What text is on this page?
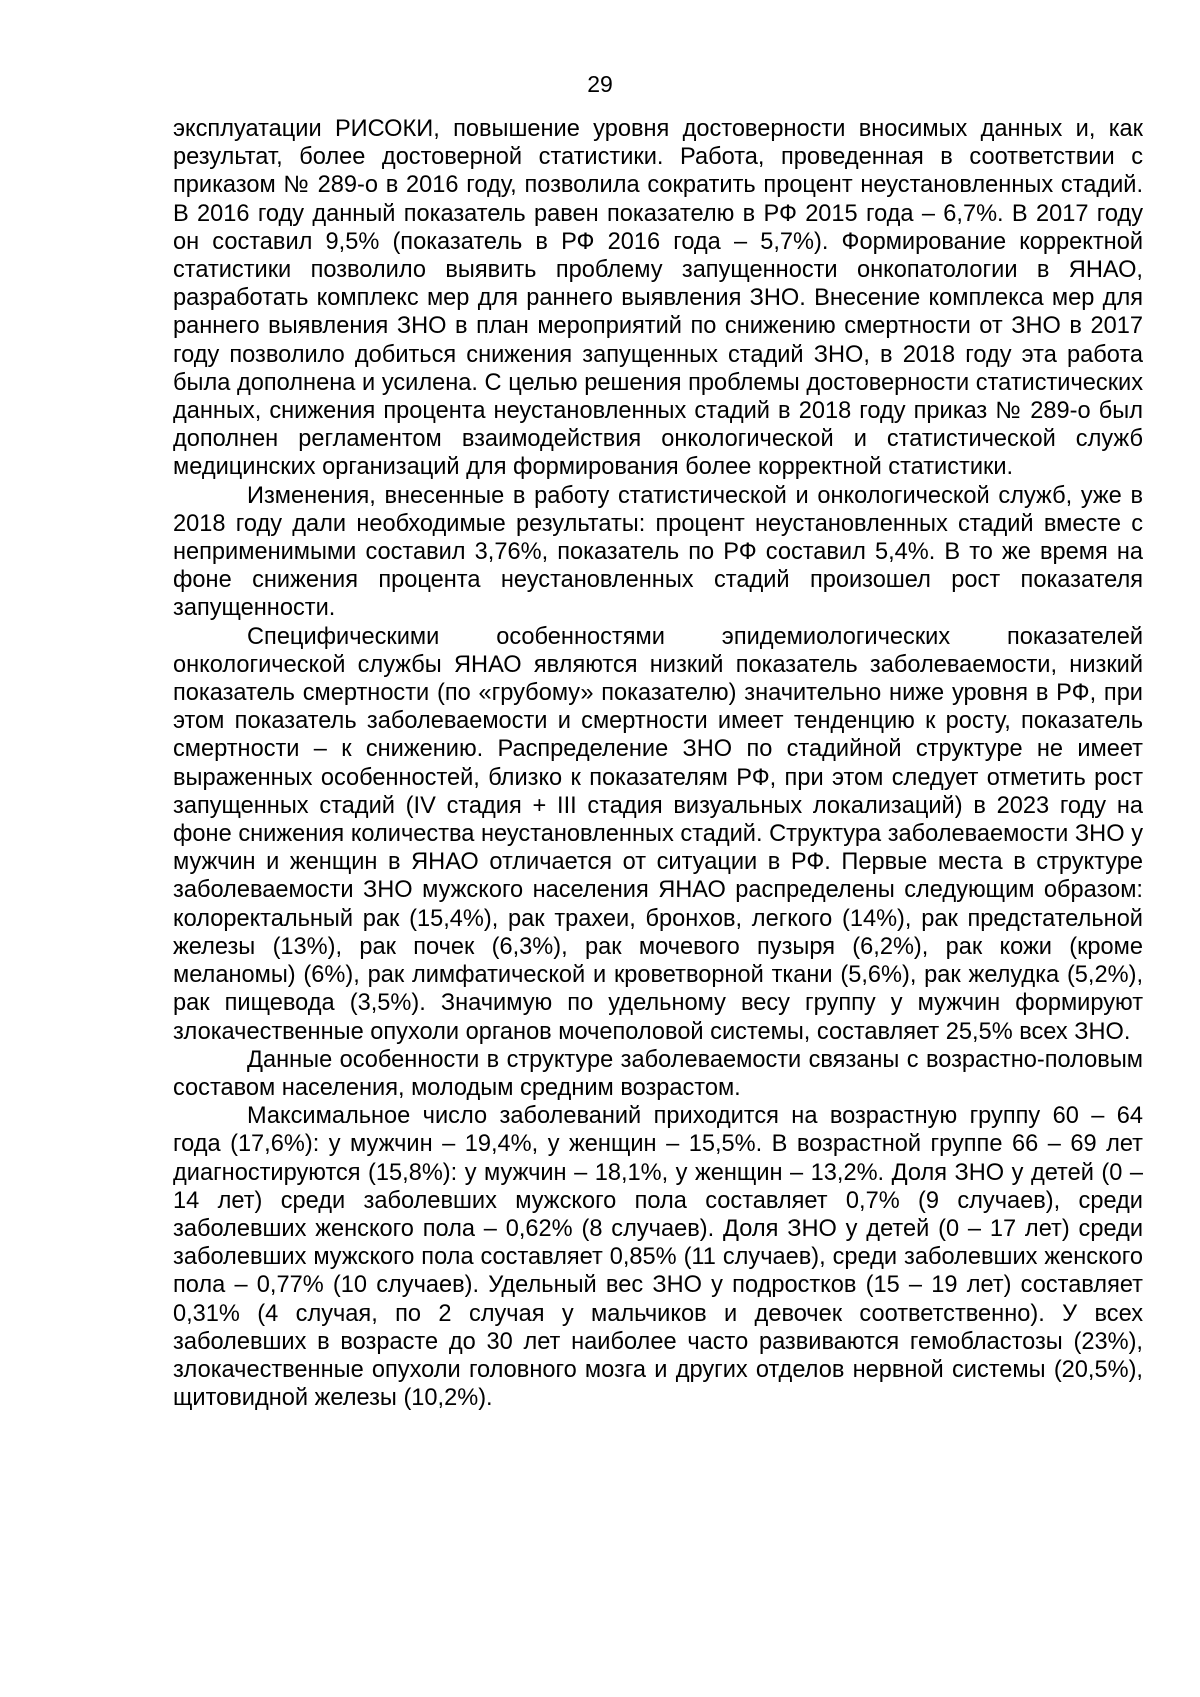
29

эксплуатации РИСОКИ, повышение уровня достоверности вносимых данных и, как результат, более достоверной статистики. Работа, проведенная в соответствии с приказом № 289-о в 2016 году, позволила сократить процент неустановленных стадий. В 2016 году данный показатель равен показателю в РФ 2015 года – 6,7%. В 2017 году он составил 9,5% (показатель в РФ 2016 года – 5,7%). Формирование корректной статистики позволило выявить проблему запущенности онкопатологии в ЯНАО, разработать комплекс мер для раннего выявления ЗНО. Внесение комплекса мер для раннего выявления ЗНО в план мероприятий по снижению смертности от ЗНО в 2017 году позволило добиться снижения запущенных стадий ЗНО, в 2018 году эта работа была дополнена и усилена. С целью решения проблемы достоверности статистических данных, снижения процента неустановленных стадий в 2018 году приказ № 289-о был дополнен регламентом взаимодействия онкологической и статистической служб медицинских организаций для формирования более корректной статистики.

Изменения, внесенные в работу статистической и онкологической служб, уже в 2018 году дали необходимые результаты: процент неустановленных стадий вместе с неприменимыми составил 3,76%, показатель по РФ составил 5,4%. В то же время на фоне снижения процента неустановленных стадий произошел рост показателя запущенности.

Специфическими особенностями эпидемиологических показателей онкологической службы ЯНАО являются низкий показатель заболеваемости, низкий показатель смертности (по «грубому» показателю) значительно ниже уровня в РФ, при этом показатель заболеваемости и смертности имеет тенденцию к росту, показатель смертности – к снижению. Распределение ЗНО по стадийной структуре не имеет выраженных особенностей, близко к показателям РФ, при этом следует отметить рост запущенных стадий (IV стадия + III стадия визуальных локализаций) в 2023 году на фоне снижения количества неустановленных стадий. Структура заболеваемости ЗНО у мужчин и женщин в ЯНАО отличается от ситуации в РФ. Первые места в структуре заболеваемости ЗНО мужского населения ЯНАО распределены следующим образом: колоректальный рак (15,4%), рак трахеи, бронхов, легкого (14%), рак предстательной железы (13%), рак почек (6,3%), рак мочевого пузыря (6,2%), рак кожи (кроме меланомы) (6%), рак лимфатической и кроветворной ткани (5,6%), рак желудка (5,2%), рак пищевода (3,5%). Значимую по удельному весу группу у мужчин формируют злокачественные опухоли органов мочеполовой системы, составляет 25,5% всех ЗНО.

Данные особенности в структуре заболеваемости связаны с возрастно-половым составом населения, молодым средним возрастом.

Максимальное число заболеваний приходится на возрастную группу 60 – 64 года (17,6%): у мужчин – 19,4%, у женщин – 15,5%. В возрастной группе 66 – 69 лет диагностируются (15,8%): у мужчин – 18,1%, у женщин – 13,2%. Доля ЗНО у детей (0 – 14 лет) среди заболевших мужского пола составляет 0,7% (9 случаев), среди заболевших женского пола – 0,62% (8 случаев). Доля ЗНО у детей (0 – 17 лет) среди заболевших мужского пола составляет 0,85% (11 случаев), среди заболевших женского пола – 0,77% (10 случаев). Удельный вес ЗНО у подростков (15 – 19 лет) составляет 0,31% (4 случая, по 2 случая у мальчиков и девочек соответственно). У всех заболевших в возрасте до 30 лет наиболее часто развиваются гемобластозы (23%), злокачественные опухоли головного мозга и других отделов нервной системы (20,5%), щитовидной железы (10,2%).
